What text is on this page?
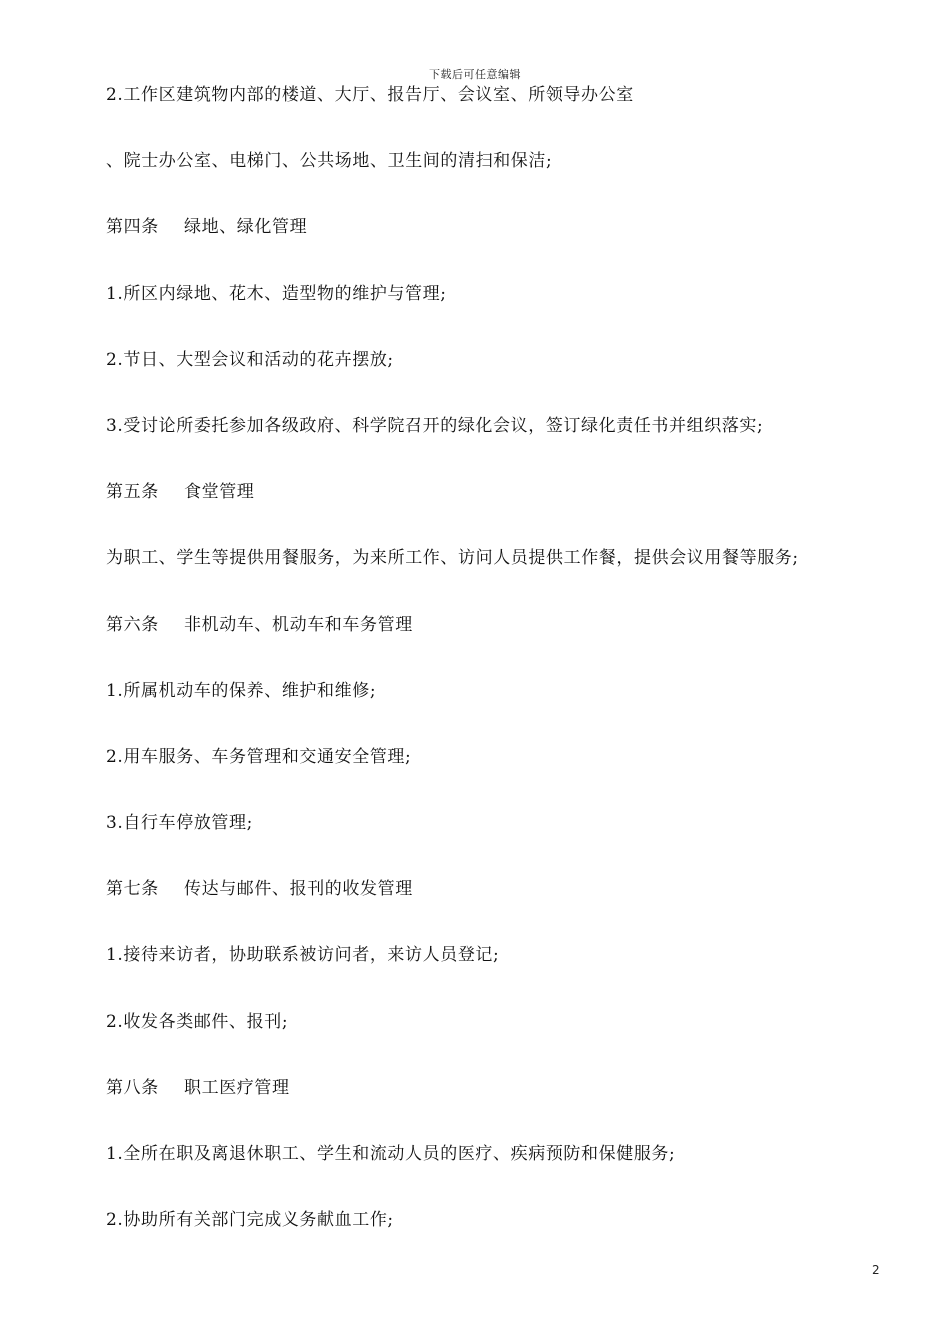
下载后可任意编辑
2.工作区建筑物内部的楼道、大厅、报告厅、会议室、所领导办公室
、院士办公室、电梯门、公共场地、卫生间的清扫和保洁;
第四条 绿地、绿化管理
1.所区内绿地、花木、造型物的维护与管理;
2.节日、大型会议和活动的花卉摆放;
3.受讨论所委托参加各级政府、科学院召开的绿化会议，签订绿化责任书并组织落实;
第五条 食堂管理
为职工、学生等提供用餐服务，为来所工作、访问人员提供工作餐，提供会议用餐等服务;
第六条 非机动车、机动车和车务管理
1.所属机动车的保养、维护和维修;
2.用车服务、车务管理和交通安全管理;
3.自行车停放管理;
第七条 传达与邮件、报刊的收发管理
1.接待来访者，协助联系被访问者，来访人员登记;
2.收发各类邮件、报刊;
第八条 职工医疗管理
1.全所在职及离退休职工、学生和流动人员的医疗、疾病预防和保健服务;
2.协助所有关部门完成义务献血工作;
2
